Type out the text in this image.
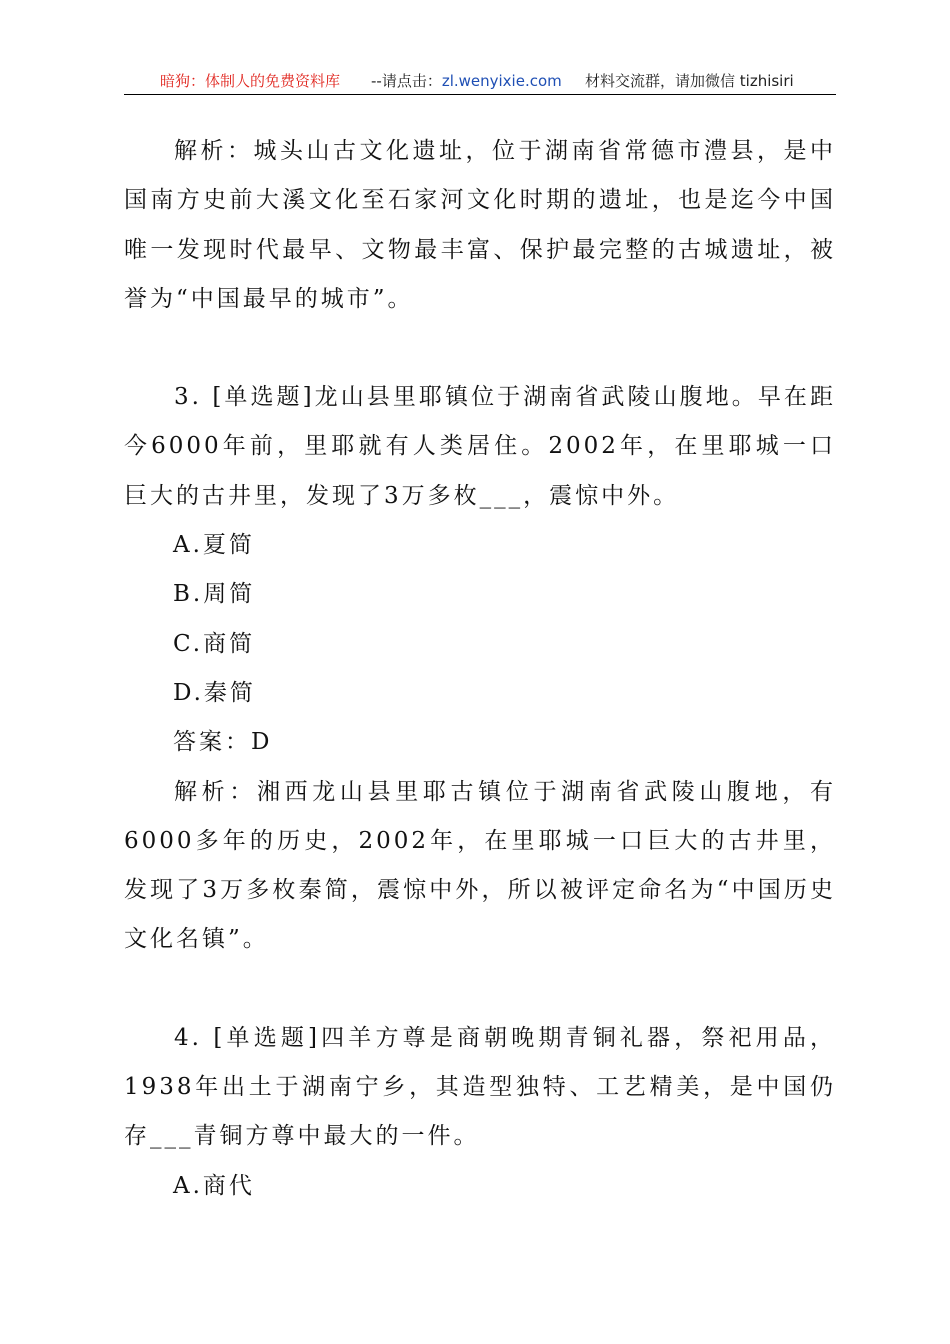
暗狗：体制人的免费资料库 --请点击：zl.wenyixie.com 材料交流群，请加微信 tizhisiri

解析：城头山古文化遗址，位于湖南省常德市澧县，是中国南方史前大溪文化至石家河文化时期的遗址，也是迄今中国唯一发现时代最早、文物最丰富、保护最完整的古城遗址，被誉为“中国最早的城市”。

3. [单选题]龙山县里耶镇位于湖南省武陵山腹地。早在距今6000年前，里耶就有人类居住。2002年，在里耶城一口巨大的古井里，发现了3万多枚___，震惊中外。

A.夏简

B.周简

C.商简

D.秦简

答案：D

解析：湘西龙山县里耶古镇位于湖南省武陵山腹地，有6000多年的历史，2002年，在里耶城一口巨大的古井里，发现了3万多枚秦简，震惊中外，所以被评定命名为“中国历史文化名镇”。

4. [单选题]四羊方尊是商朝晚期青铜礼器，祭祀用品，1938年出土于湖南宁乡，其造型独特、工艺精美，是中国仍存___青铜方尊中最大的一件。

A.商代
